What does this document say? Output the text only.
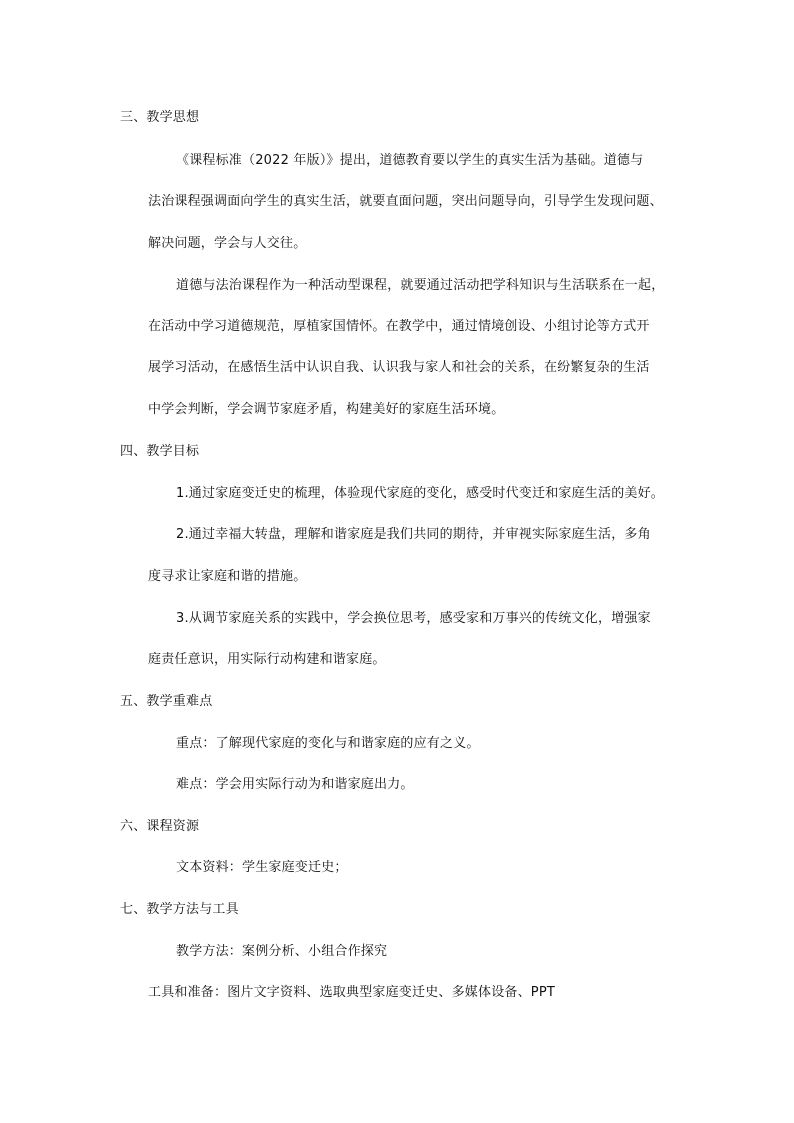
三、教学思想
《课程标准（2022 年版）》提出，道德教育要以学生的真实生活为基础。道德与
法治课程强调面向学生的真实生活，就要直面问题，突出问题导向，引导学生发现问题、
解决问题，学会与人交往。
道德与法治课程作为一种活动型课程，就要通过活动把学科知识与生活联系在一起，
在活动中学习道德规范，厚植家国情怀。在教学中，通过情境创设、小组讨论等方式开
展学习活动，在感悟生活中认识自我、认识我与家人和社会的关系，在纷繁复杂的生活
中学会判断，学会调节家庭矛盾，构建美好的家庭生活环境。
四、教学目标
1.通过家庭变迁史的梳理，体验现代家庭的变化，感受时代变迁和家庭生活的美好。
2.通过幸福大转盘，理解和谐家庭是我们共同的期待，并审视实际家庭生活，多角
度寻求让家庭和谐的措施。
3.从调节家庭关系的实践中，学会换位思考，感受家和万事兴的传统文化，增强家
庭责任意识，用实际行动构建和谐家庭。
五、教学重难点
重点：了解现代家庭的变化与和谐家庭的应有之义。
难点：学会用实际行动为和谐家庭出力。
六、课程资源
文本资料：学生家庭变迁史；
七、教学方法与工具
教学方法：案例分析、小组合作探究
工具和准备：图片文字资料、选取典型家庭变迁史、多媒体设备、PPT
